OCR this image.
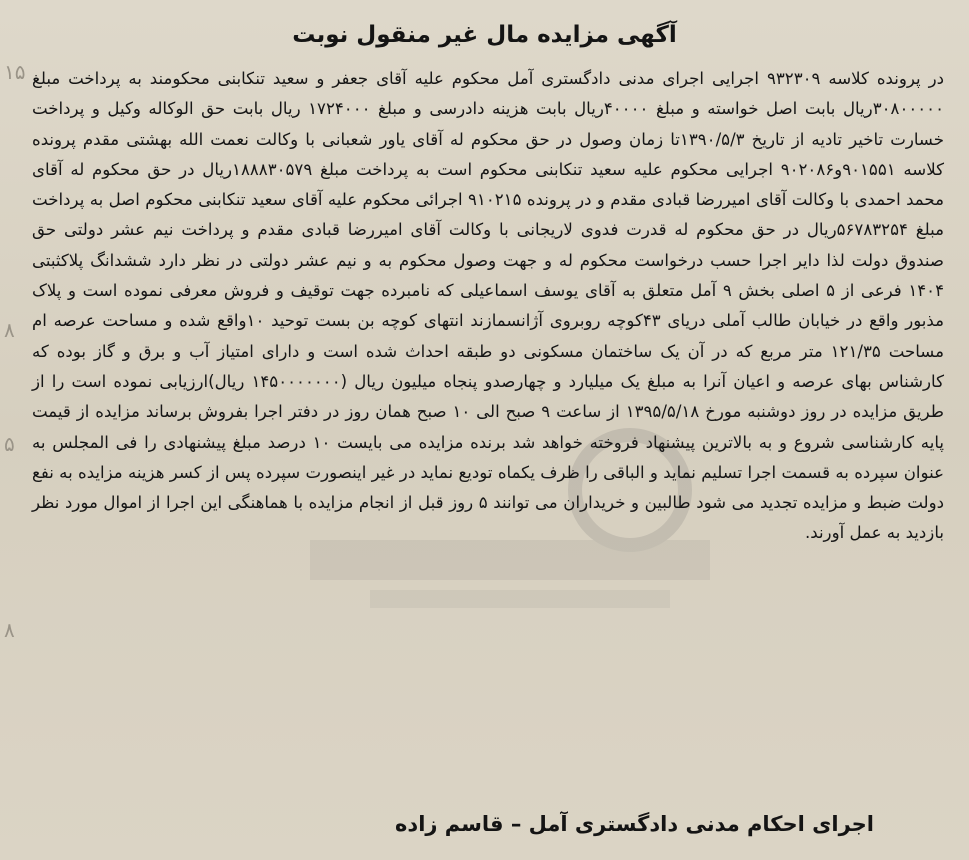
۱۵
۸
۵
۸
آگهی مزایده مال غیر منقول نوبت

در پرونده کلاسه ۹۳۲۳۰۹ اجرایی اجرای مدنی دادگستری آمل محکوم علیه آقای جعفر و سعید تنکابنی محکومند به پرداخت مبلغ ۳۰۸۰۰۰۰۰ریال بابت اصل خواسته و مبلغ ۴۰۰۰۰ریال بابت هزینه دادرسی و مبلغ ۱۷۲۴۰۰۰ ریال بابت حق الوکاله وکیل و پرداخت خسارت تاخیر تادیه از تاریخ ۱۳۹۰/۵/۳تا زمان وصول در حق محکوم له آقای یاور شعبانی با وکالت نعمت الله بهشتی مقدم پرونده کلاسه ۹۰۱۵۵۱و۹۰۲۰۸۶ اجرایی محکوم علیه سعید تنکابنی محکوم است به پرداخت مبلغ ۱۸۸۸۳۰۵۷۹ریال در حق محکوم له آقای محمد احمدی با وکالت آقای امیررضا قبادی مقدم و در پرونده ۹۱۰۲۱۵ اجرائی محکوم علیه آقای سعید تنکابنی محکوم اصل به پرداخت مبلغ ۵۶۷۸۳۲۵۴ریال در حق محکوم له قدرت فدوی لاریجانی با وکالت آقای امیررضا قبادی مقدم و پرداخت نیم عشر دولتی حق صندوق دولت لذا دایر اجرا حسب درخواست محکوم له و جهت وصول محکوم به و نیم عشر دولتی در نظر دارد ششدانگ پلاکثبتی ۱۴۰۴ فرعی از ۵ اصلی بخش ۹ آمل متعلق به آقای یوسف اسماعیلی که نامبرده جهت توقیف و فروش معرفی نموده است و پلاک مذبور واقع در خیابان طالب آملی دریای ۴۳کوچه روبروی آژانسمازند انتهای کوچه بن بست توحید ۱۰واقع شده و مساحت عرصه ام مساحت ۱۲۱/۳۵ متر مربع که در آن یک ساختمان مسکونی دو طبقه احداث شده است و دارای امتیاز آب و برق و گاز بوده که کارشناس بهای عرصه و اعیان آنرا به مبلغ یک میلیارد و چهارصدو پنجاه میلیون ریال (۱۴۵۰۰۰۰۰۰۰ ریال)ارزیابی نموده است را از طریق مزایده در روز دوشنبه مورخ ۱۳۹۵/۵/۱۸ از ساعت ۹ صبح الی ۱۰ صبح همان روز در دفتر اجرا بفروش برساند مزایده از قیمت پایه کارشناسی شروع و به بالاترین پیشنهاد فروخته خواهد شد برنده مزایده می بایست ۱۰ درصد مبلغ پیشنهادی را فی المجلس به عنوان سپرده به قسمت اجرا تسلیم نماید و الباقی را ظرف یکماه تودیع نماید در غیر اینصورت سپرده پس از کسر هزینه مزایده به نفع دولت ضبط و مزایده تجدید می شود طالبین و خریداران می توانند ۵ روز قبل از انجام مزایده با هماهنگی این اجرا از اموال مورد نظر بازدید به عمل آورند.

اجرای احکام مدنی دادگستری آمل – قاسم زاده
